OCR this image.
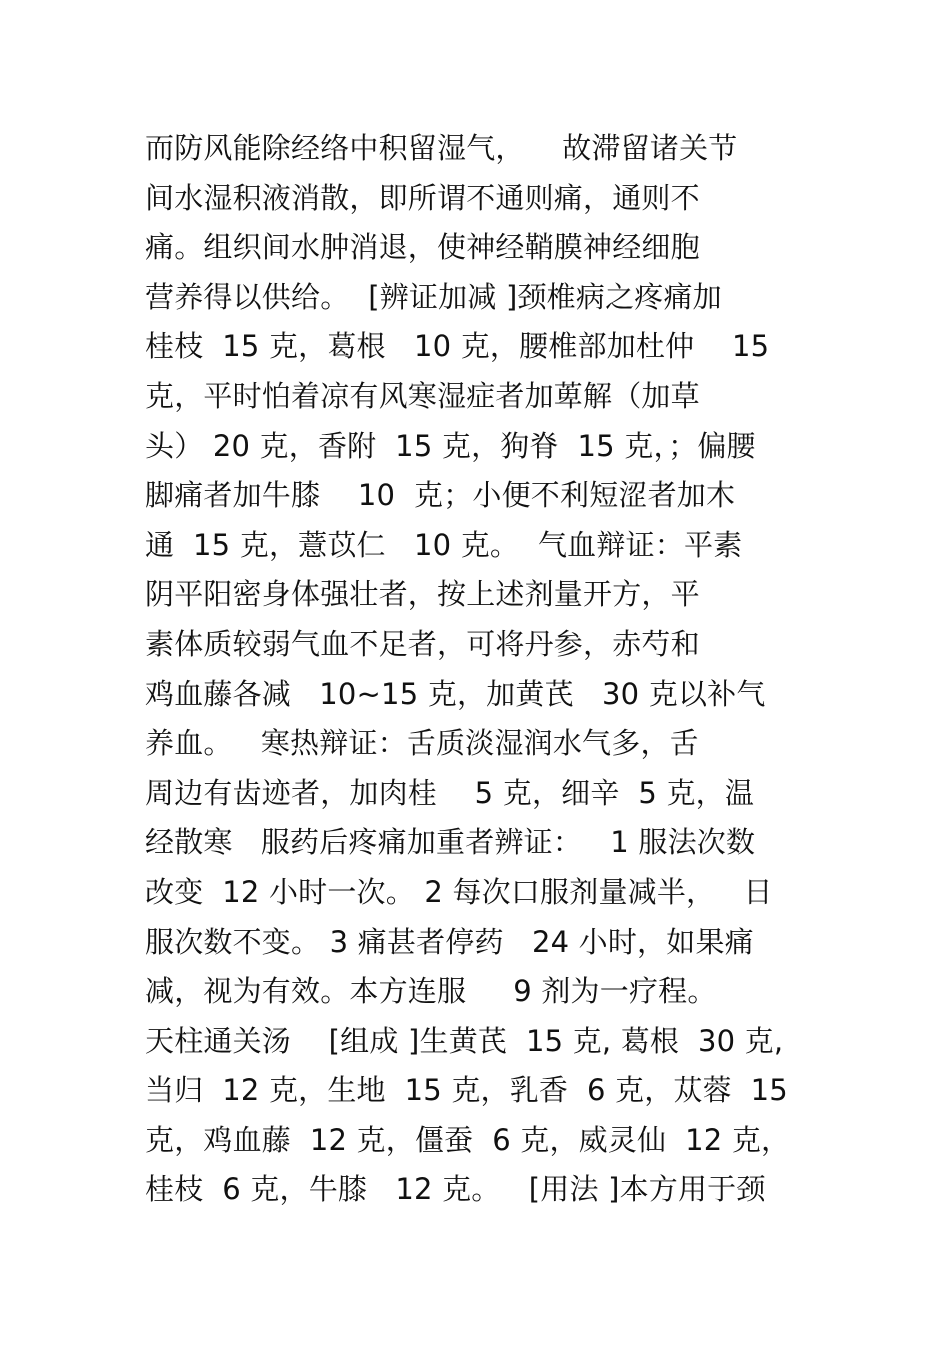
而防风能除经络中积留湿气，    故滞留诸关节
间水湿积液消散，即所谓不通则痛，通则不
痛。组织间水肿消退，使神经鞘膜神经细胞
营养得以供给。  [辨证加减 ]颈椎病之疼痛加
桂枝  15 克，葛根   10 克，腰椎部加杜仲    15
克，平时怕着凉有风寒湿症者加萆解（加草
头） 20 克，香附  15 克，狗脊  15 克，；偏腰
脚痛者加牛膝    10  克；小便不利短涩者加木
通  15 克，薏苡仁   10 克。  气血辩证：平素
阴平阳密身体强壮者，按上述剂量开方，平
素体质较弱气血不足者，可将丹参，赤芍和
鸡血藤各减   10~15 克，加黄芪   30 克以补气
养血。   寒热辩证：舌质淡湿润水气多，舌
周边有齿迹者，加肉桂    5 克，细辛  5 克，温
经散寒   服药后疼痛加重者辨证：   1 服法次数
改变  12 小时一次。 2 每次口服剂量减半，   日
服次数不变。 3 痛甚者停药   24 小时，如果痛
减，视为有效。本方连服     9 剂为一疗程。
天柱通关汤    [组成 ]生黄芪  15 克, 葛根  30 克,
当归  12 克，生地  15 克，乳香  6 克，苁蓉  15
克，鸡血藤  12 克，僵蚕  6 克，威灵仙  12 克，
桂枝  6 克，牛膝   12 克。   [用法 ]本方用于颈
